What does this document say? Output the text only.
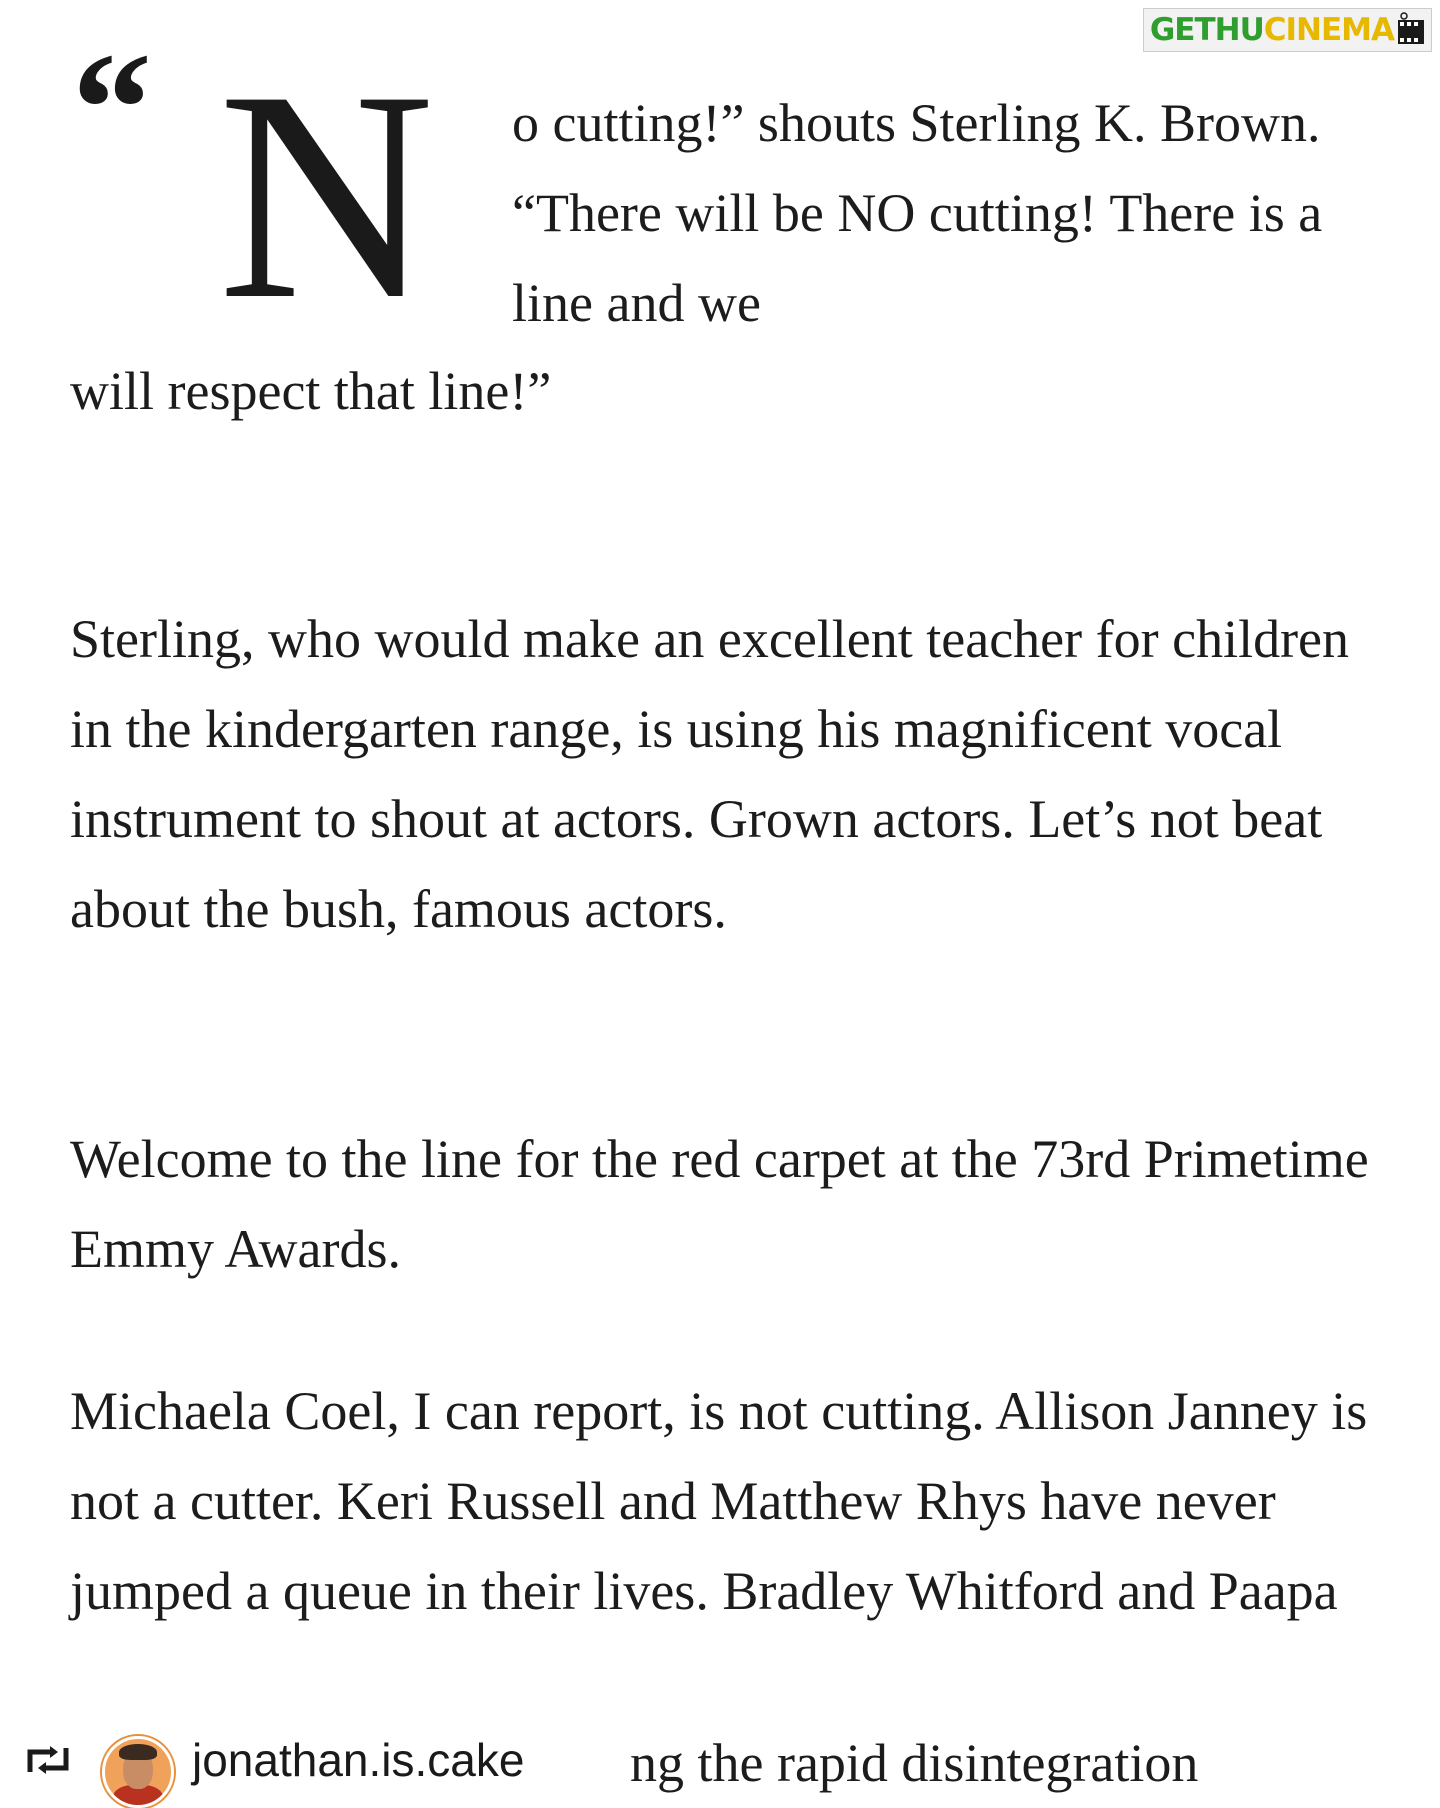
GETHU CINEMA
“ N o cutting!” shouts Sterling K. Brown. “There will be NO cutting! There is a line and we

will respect that line!”

Sterling, who would make an excellent teacher for children in the kindergarten range, is using his magnificent vocal instrument to shout at actors. Grown actors. Let’s not beat about the bush, famous actors.

Welcome to the line for the red carpet at the 73rd Primetime Emmy Awards.

Michaela Coel, I can report, is not cutting. Allison Janney is not a cutter. Keri Russell and Matthew Rhys have never jumped a queue in their lives. Bradley Whitford and Paapa

ng the rapid disintegration

jonathan.is.cake
